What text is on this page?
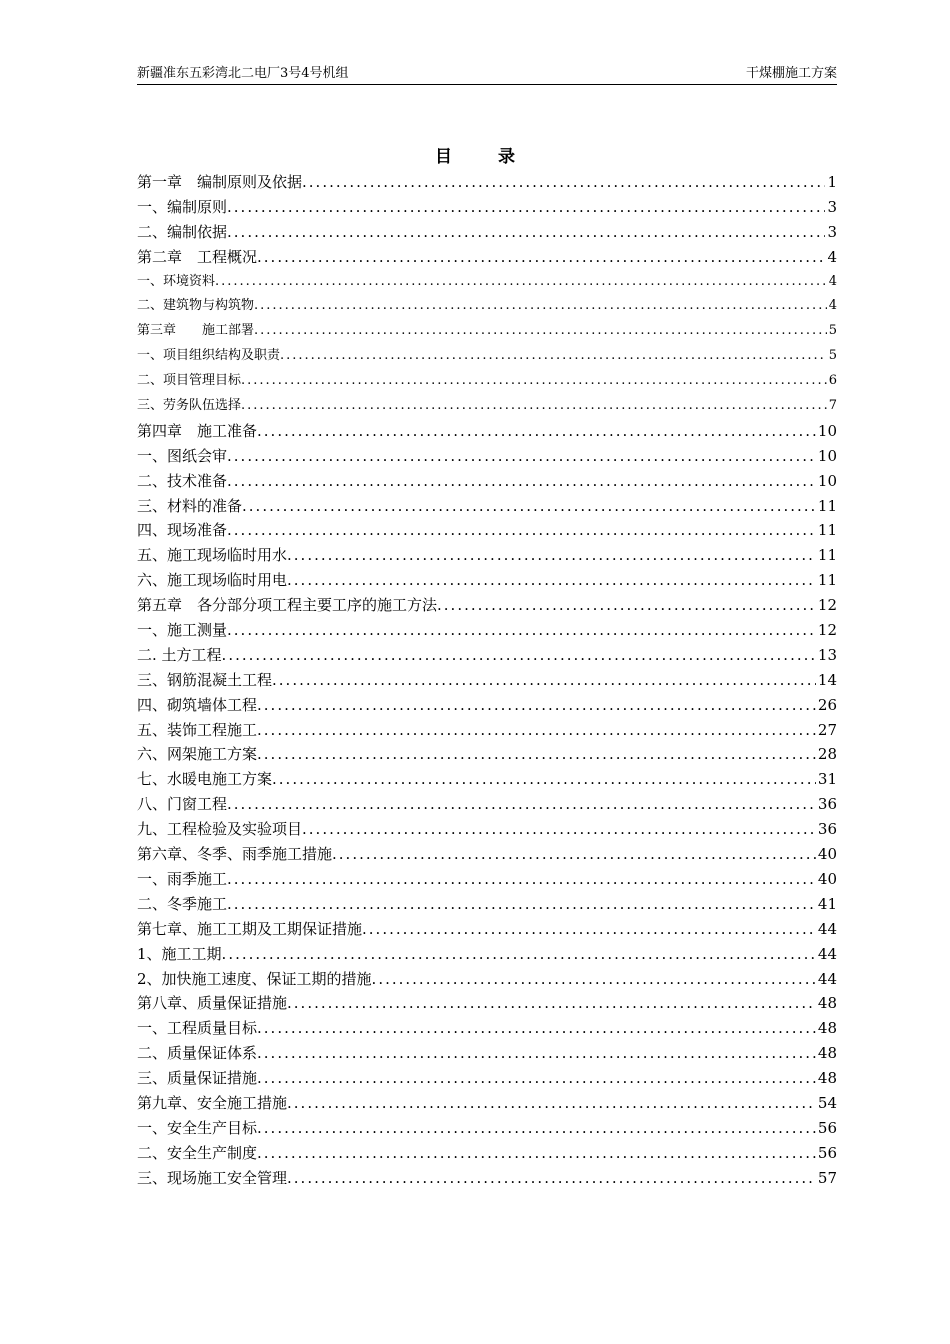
新疆准东五彩湾北二电厂3号4号机组	干煤棚施工方案
目 录
第一章　编制原则及依据 .....	1
一、编制原则 .....	3
二、编制依据 .....	3
第二章　工程概况 .....	4
一、环境资料 .....	4
二、建筑物与构筑物 .....	4
第三章　　施工部署 .....	5
一、项目组织结构及职责 .....	5
二、项目管理目标 .....	6
三、劳务队伍选择 .....	7
第四章　施工准备 .....	10
一、图纸会审 .....	10
二、技术准备 .....	10
三、材料的准备 .....	11
四、现场准备 .....	11
五、施工现场临时用水 .....	11
六、施工现场临时用电 .....	11
第五章　各分部分项工程主要工序的施工方法 .....	12
一、施工测量 .....	12
二. 土方工程 .....	13
三、钢筋混凝土工程 .....	14
四、砌筑墙体工程 .....	26
五、装饰工程施工 .....	27
六、网架施工方案 .....	28
七、水暖电施工方案 .....	31
八、门窗工程 .....	36
九、工程检验及实验项目 .....	36
第六章、冬季、雨季施工措施 .....	40
一、雨季施工 .....	40
二、冬季施工 .....	41
第七章、施工工期及工期保证措施 .....	44
1、施工工期 .....	44
2、加快施工速度、保证工期的措施 .....	44
第八章、质量保证措施 .....	48
一、工程质量目标 .....	48
二、质量保证体系 .....	48
三、质量保证措施 .....	48
第九章、安全施工措施 .....	54
一、安全生产目标 .....	56
二、安全生产制度 .....	56
三、现场施工安全管理 .....	57
